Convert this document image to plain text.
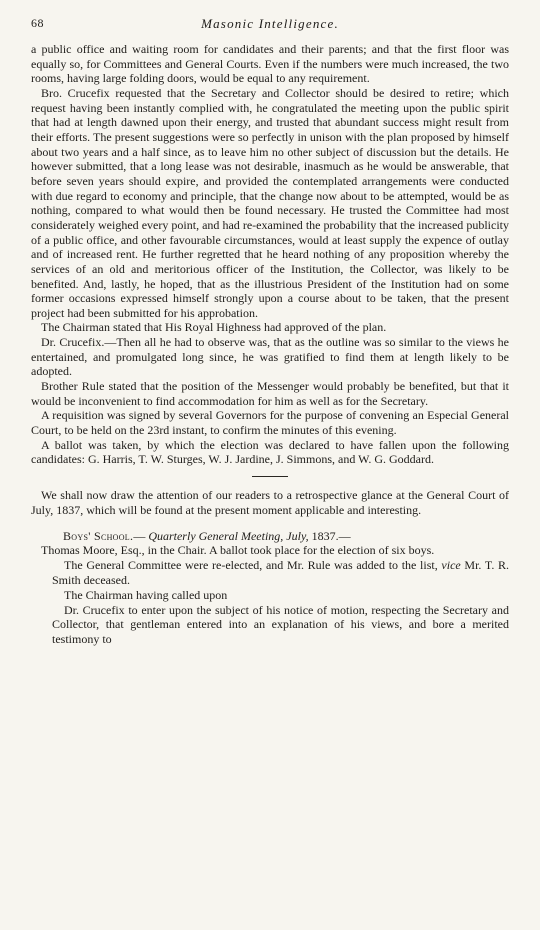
68	Masonic Intelligence.

a public office and waiting room for candidates and their parents; and that the first floor was equally so, for Committees and General Courts. Even if the numbers were much increased, the two rooms, having large folding doors, would be equal to any requirement.

Bro. Crucefix requested that the Secretary and Collector should be desired to retire; which request having been instantly complied with, he congratulated the meeting upon the public spirit that had at length dawned upon their energy, and trusted that abundant success might result from their efforts. The present suggestions were so perfectly in unison with the plan proposed by himself about two years and a half since, as to leave him no other subject of discussion but the details. He however submitted, that a long lease was not desirable, inasmuch as he would be answerable, that before seven years should expire, and provided the contemplated arrangements were conducted with due regard to economy and principle, that the change now about to be attempted, would be as nothing, compared to what would then be found necessary. He trusted the Committee had most considerately weighed every point, and had re-examined the probability that the increased publicity of a public office, and other favourable circumstances, would at least supply the expence of outlay and of increased rent. He further regretted that he heard nothing of any proposition whereby the services of an old and meritorious officer of the Institution, the Collector, was likely to be benefited. And, lastly, he hoped, that as the illustrious President of the Institution had on some former occasions expressed himself strongly upon a course about to be taken, that the present project had been submitted for his approbation.

The Chairman stated that His Royal Highness had approved of the plan.

Dr. Crucefix.—Then all he had to observe was, that as the outline was so similar to the views he entertained, and promulgated long since, he was gratified to find them at length likely to be adopted.

Brother Rule stated that the position of the Messenger would probably be benefited, but that it would be inconvenient to find accommodation for him as well as for the Secretary.

A requisition was signed by several Governors for the purpose of convening an Especial General Court, to be held on the 23rd instant, to confirm the minutes of this evening.

A ballot was taken, by which the election was declared to have fallen upon the following candidates: G. Harris, T. W. Sturges, W. J. Jardine, J. Simmons, and W. G. Goddard.

We shall now draw the attention of our readers to a retrospective glance at the General Court of July, 1837, which will be found at the present moment applicable and interesting.

Boys' School.— Quarterly General Meeting, July, 1837.—

Thomas Moore, Esq., in the Chair. A ballot took place for the election of six boys.

The General Committee were re-elected, and Mr. Rule was added to the list, vice Mr. T. R. Smith deceased.

The Chairman having called upon

Dr. Crucefix to enter upon the subject of his notice of motion, respecting the Secretary and Collector, that gentleman entered into an explanation of his views, and bore a merited testimony to
